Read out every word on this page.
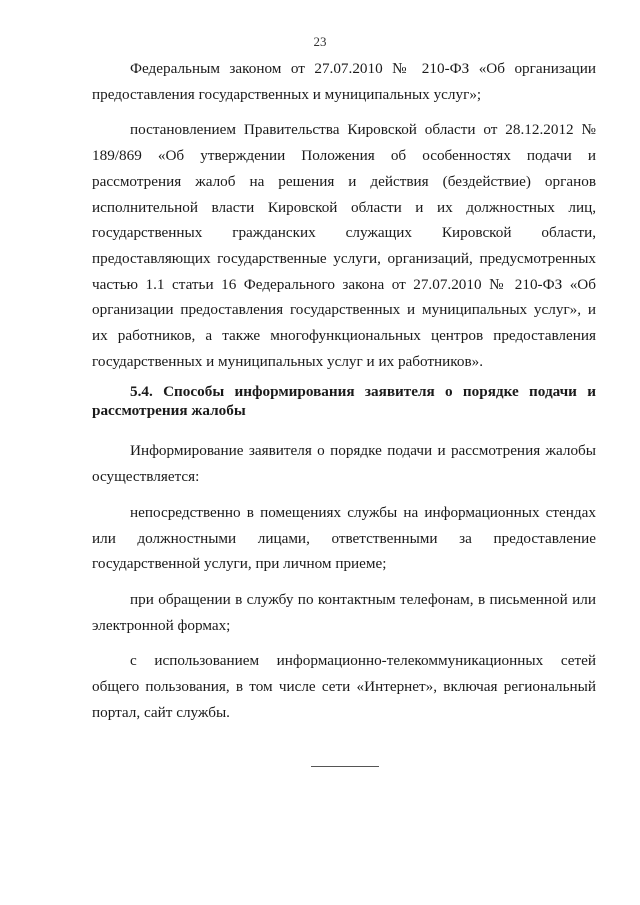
23

Федеральным законом от 27.07.2010 № 210-ФЗ «Об организации предоставления государственных и муниципальных услуг»;

постановлением Правительства Кировской области от 28.12.2012 № 189/869 «Об утверждении Положения об особенностях подачи и рассмотрения жалоб на решения и действия (бездействие) органов исполнительной власти Кировской области и их должностных лиц, государственных гражданских служащих Кировской области, предоставляющих государственные услуги, организаций, предусмотренных частью 1.1 статьи 16 Федерального закона от 27.07.2010 № 210-ФЗ «Об организации предоставления государственных и муниципальных услуг», и их работников, а также многофункциональных центров предоставления государственных и муниципальных услуг и их работников».

5.4. Способы информирования заявителя о порядке подачи и рассмотрения жалобы

Информирование заявителя о порядке подачи и рассмотрения жалобы осуществляется:

непосредственно в помещениях службы на информационных стендах или должностными лицами, ответственными за предоставление государственной услуги, при личном приеме;

при обращении в службу по контактным телефонам, в письменной или электронной формах;

с использованием информационно-телекоммуникационных сетей общего пользования, в том числе сети «Интернет», включая региональный портал, сайт службы.
